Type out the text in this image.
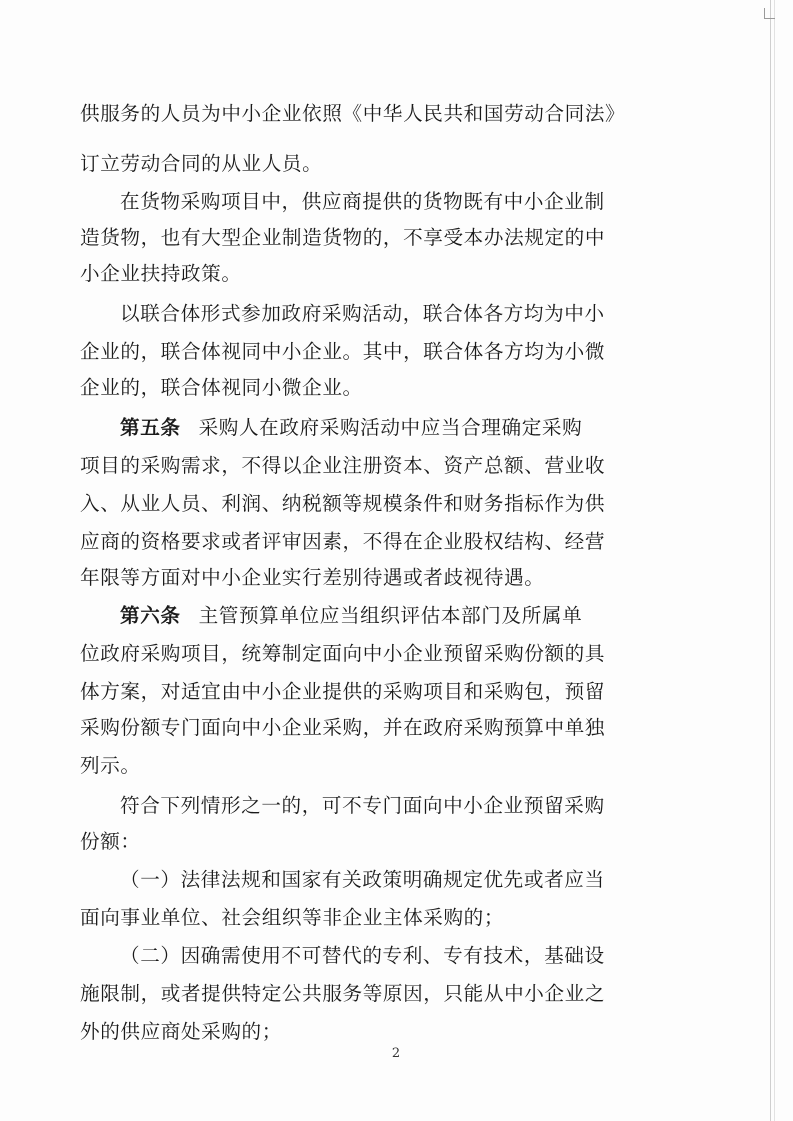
供服务的人员为中小企业依照《中华人民共和国劳动合同法》
订立劳动合同的从业人员。
在货物采购项目中，供应商提供的货物既有中小企业制
造货物，也有大型企业制造货物的，不享受本办法规定的中
小企业扶持政策。
以联合体形式参加政府采购活动，联合体各方均为中小
企业的，联合体视同中小企业。其中，联合体各方均为小微
企业的，联合体视同小微企业。
第五条 采购人在政府采购活动中应当合理确定采购
项目的采购需求，不得以企业注册资本、资产总额、营业收
入、从业人员、利润、纳税额等规模条件和财务指标作为供
应商的资格要求或者评审因素，不得在企业股权结构、经营
年限等方面对中小企业实行差别待遇或者歧视待遇。
第六条 主管预算单位应当组织评估本部门及所属单
位政府采购项目，统筹制定面向中小企业预留采购份额的具
体方案，对适宜由中小企业提供的采购项目和采购包，预留
采购份额专门面向中小企业采购，并在政府采购预算中单独
列示。
符合下列情形之一的，可不专门面向中小企业预留采购
份额：
（一）法律法规和国家有关政策明确规定优先或者应当
面向事业单位、社会组织等非企业主体采购的；
（二）因确需使用不可替代的专利、专有技术，基础设
施限制，或者提供特定公共服务等原因，只能从中小企业之
外的供应商处采购的；
2
